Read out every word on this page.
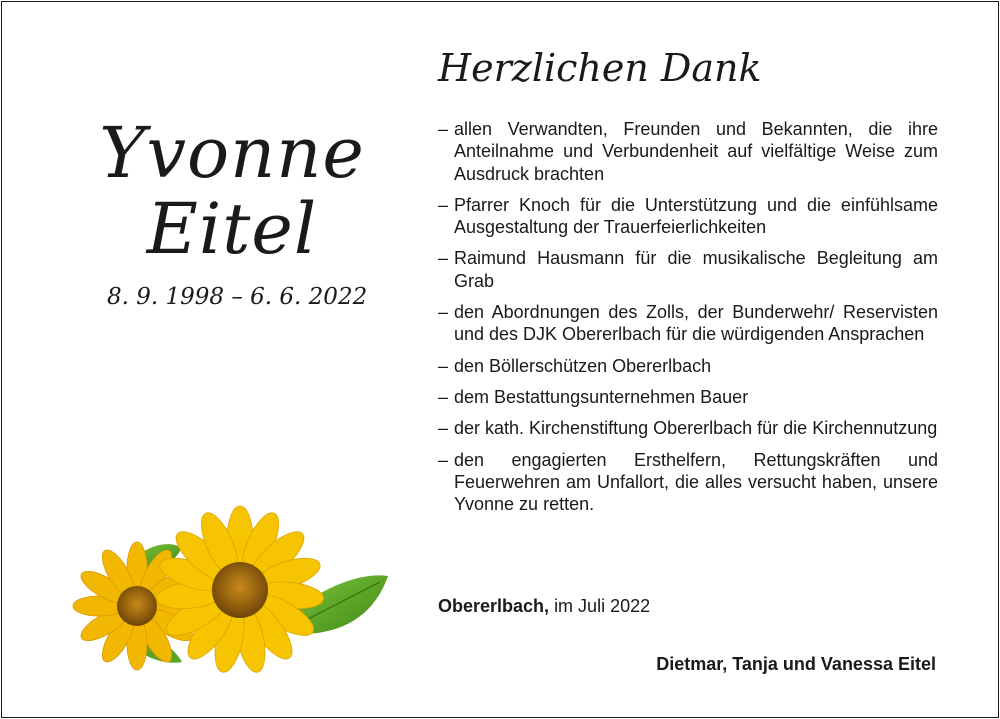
Yvonne
Eitel
8. 9. 1998 – 6. 6. 2022
Herzlichen Dank
– allen Verwandten, Freunden und Bekannten, die ihre Anteilnahme und Verbundenheit auf vielfältige Weise zum Ausdruck brachten
– Pfarrer Knoch für die Unterstützung und die einfühlsame Ausgestaltung der Trauerfeierlichkeiten
– Raimund Hausmann für die musikalische Begleitung am Grab
– den Abordnungen des Zolls, der Bunderwehr/ Reservisten und des DJK Obererlbach für die würdigenden Ansprachen
– den Böllerschützen Obererlbach
– dem Bestattungsunternehmen Bauer
– der kath. Kirchenstiftung Obererlbach für die Kirchennutzung
– den engagierten Ersthelfern, Rettungskräften und Feuerwehren am Unfallort, die alles versucht haben, unsere Yvonne zu retten.
Obererlbach, im Juli 2022
Dietmar, Tanja und Vanessa Eitel
